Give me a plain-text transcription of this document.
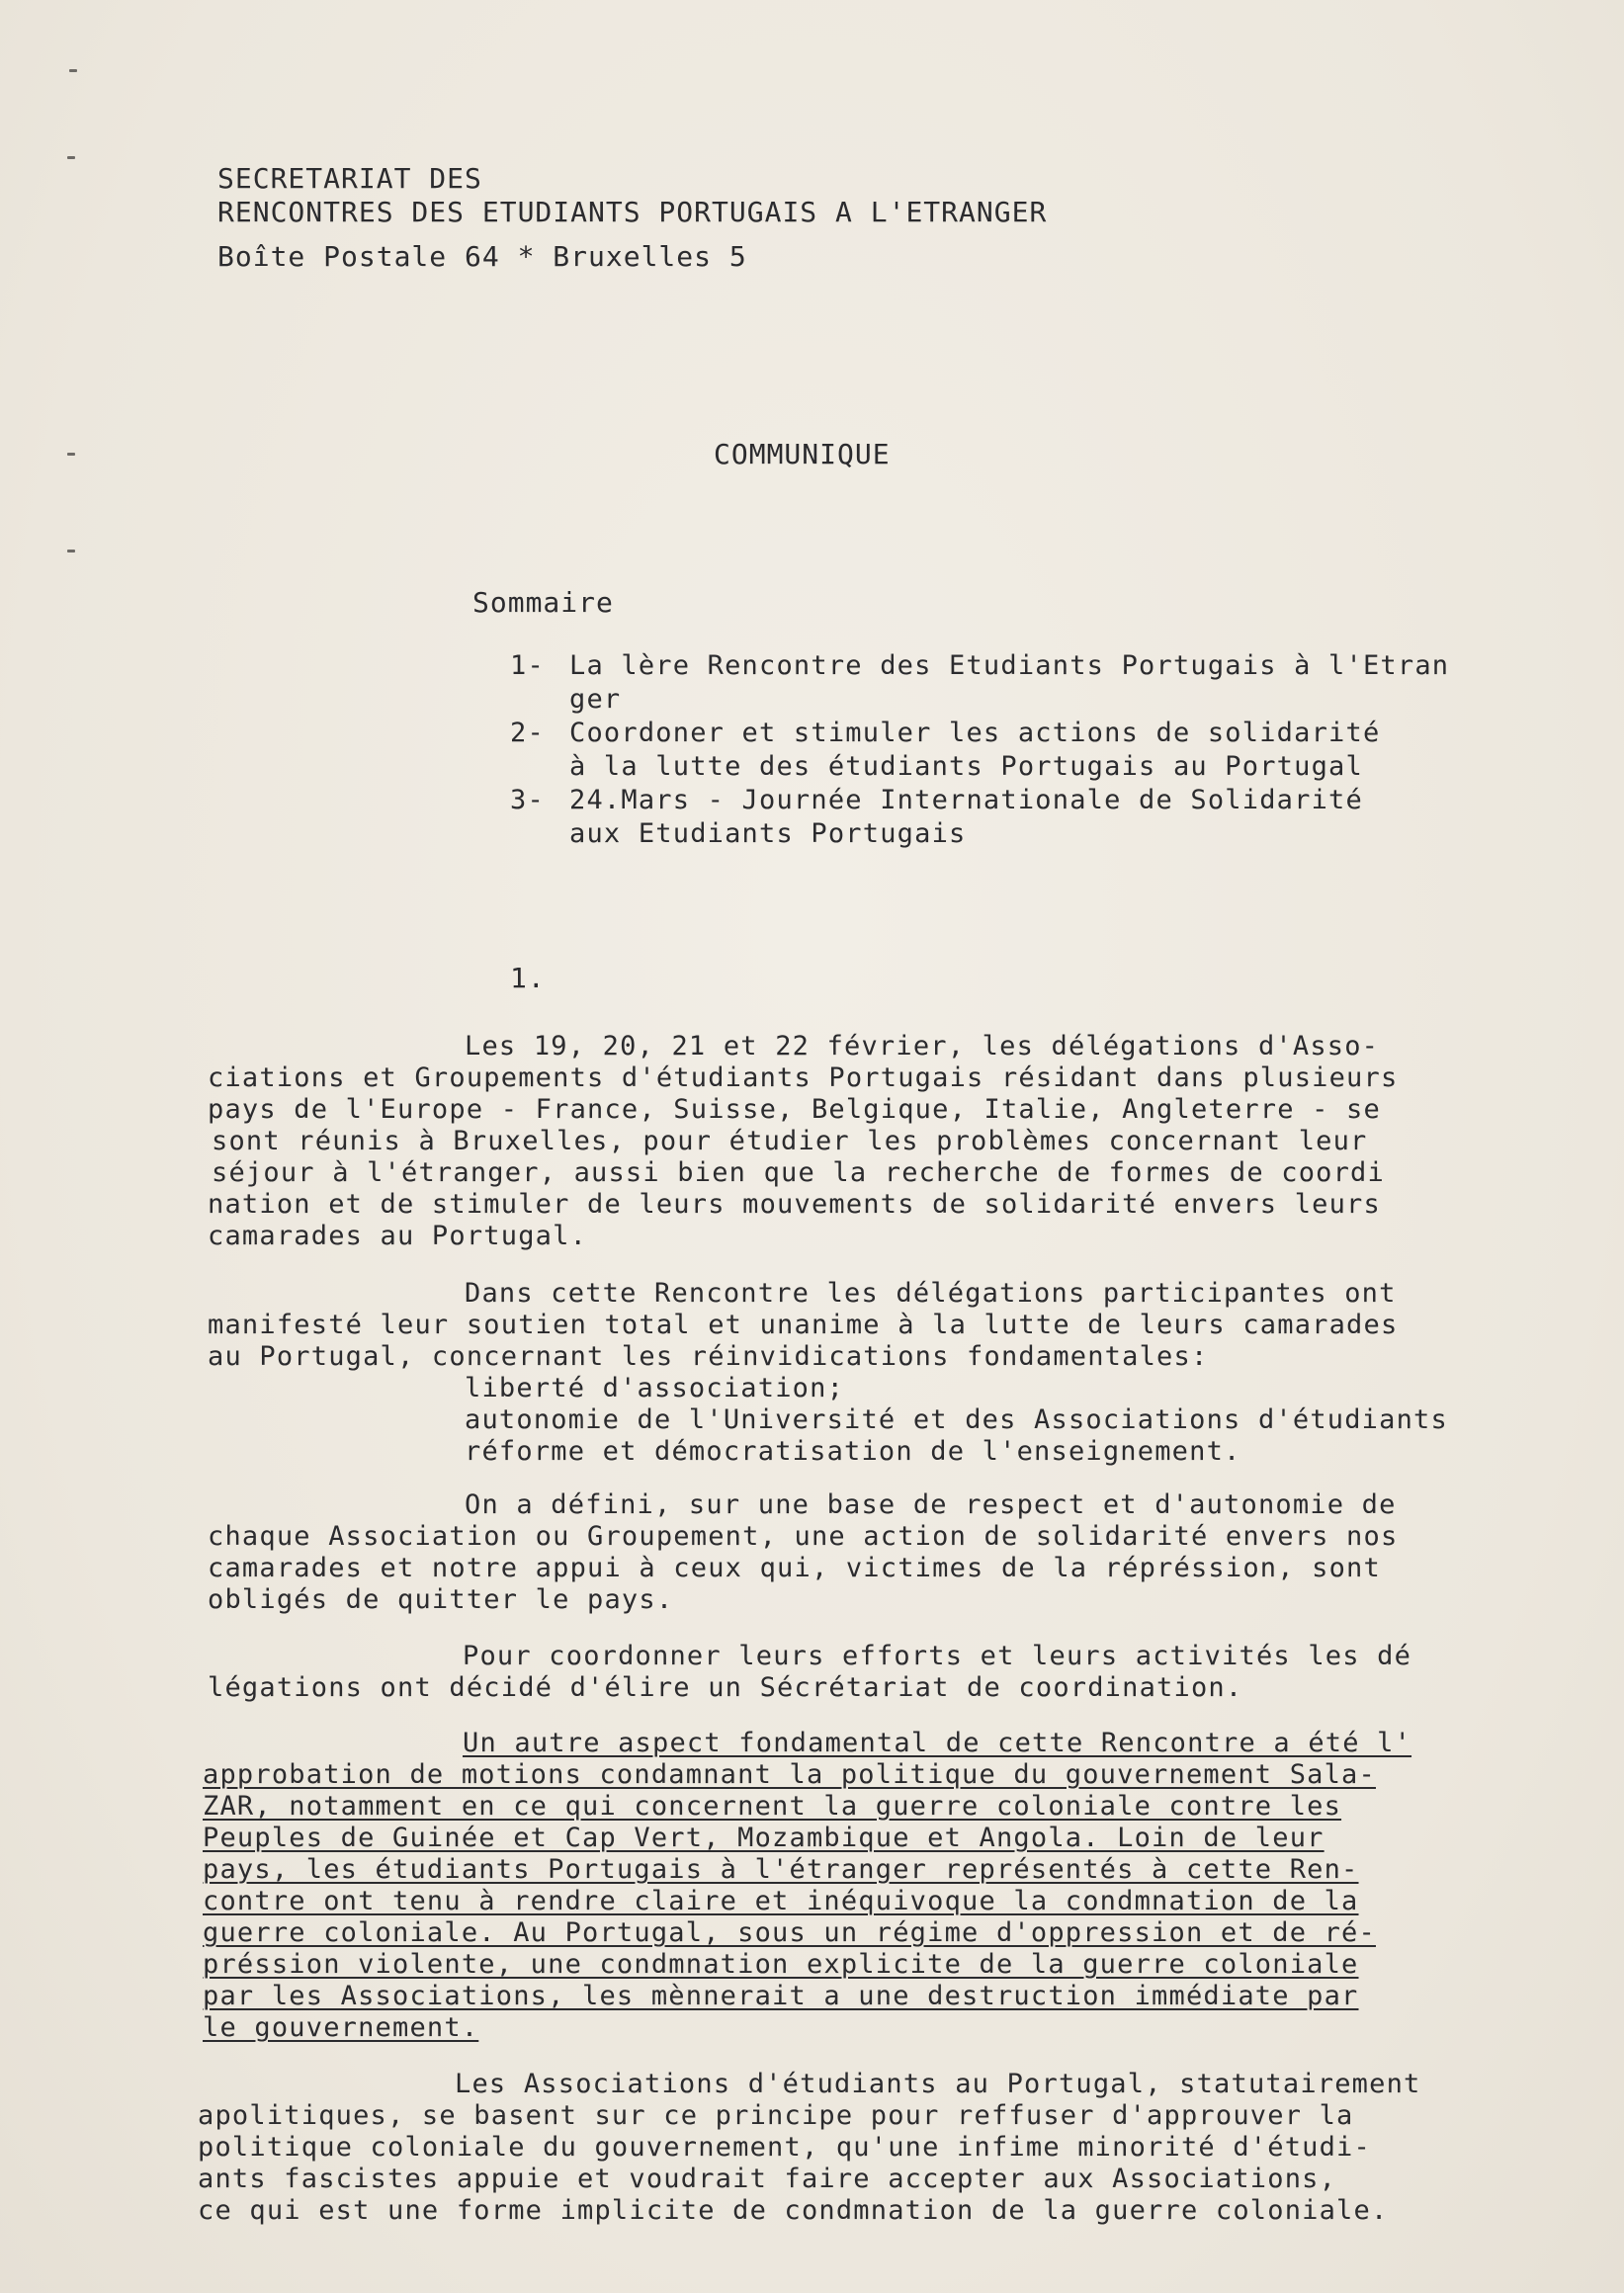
SECRETARIAT DES
RENCONTRES DES ETUDIANTS PORTUGAIS A L'ETRANGER
Boîte Postale 64 * Bruxelles 5
COMMUNIQUE
Sommaire
1- La lère Rencontre des Etudiants Portugais à l'Etran
ger
2- Coordoner et stimuler les actions de solidarité
à la lutte des étudiants Portugais au Portugal
3- 24.Mars - Journée Internationale de Solidarité
aux Etudiants Portugais
1.
Les 19, 20, 21 et 22 février, les délégations d'Asso-
ciations et Groupements d'étudiants Portugais résidant dans plusieurs
pays de l'Europe - France, Suisse, Belgique, Italie, Angleterre - se
sont réunis à Bruxelles, pour étudier les problèmes concernant leur
séjour à l'étranger, aussi bien que la recherche de formes de coordi
nation et de stimuler de leurs mouvements de solidarité envers leurs
camarades au Portugal.
Dans cette Rencontre les délégations participantes ont
manifesté leur soutien total et unanime à la lutte de leurs camarades
au Portugal, concernant les réinvidications fondamentales:
liberté d'association;
autonomie de l'Université et des Associations d'étudiants
réforme et démocratisation de l'enseignement.
On a défini, sur une base de respect et d'autonomie de
chaque Association ou Groupement, une action de solidarité envers nos
camarades et notre appui à ceux qui, victimes de la répréssion, sont
obligés de quitter le pays.
Pour coordonner leurs efforts et leurs activités les dé
légations ont décidé d'élire un Sécrétariat de coordination.
Un autre aspect fondamental de cette Rencontre a été l'
approbation de motions condamnant la politique du gouvernement Sala-
ZAR, notamment en ce qui concernent la guerre coloniale contre les
Peuples de Guinée et Cap Vert, Mozambique et Angola. Loin de leur
pays, les étudiants Portugais à l'étranger représentés à cette Ren-
contre ont tenu à rendre claire et inéquivoque la condmnation de la
guerre coloniale. Au Portugal, sous un régime d'oppression et de ré-
préssion violente, une condmnation explicite de la guerre coloniale
par les Associations, les mènnerait a une destruction immédiate par
le gouvernement.
Les Associations d'étudiants au Portugal, statutairement
apolitiques, se basent sur ce principe pour reffuser d'approuver la
politique coloniale du gouvernement, qu'une infime minorité d'étudi-
ants fascistes appuie et voudrait faire accepter aux Associations,
ce qui est une forme implicite de condmnation de la guerre coloniale.
